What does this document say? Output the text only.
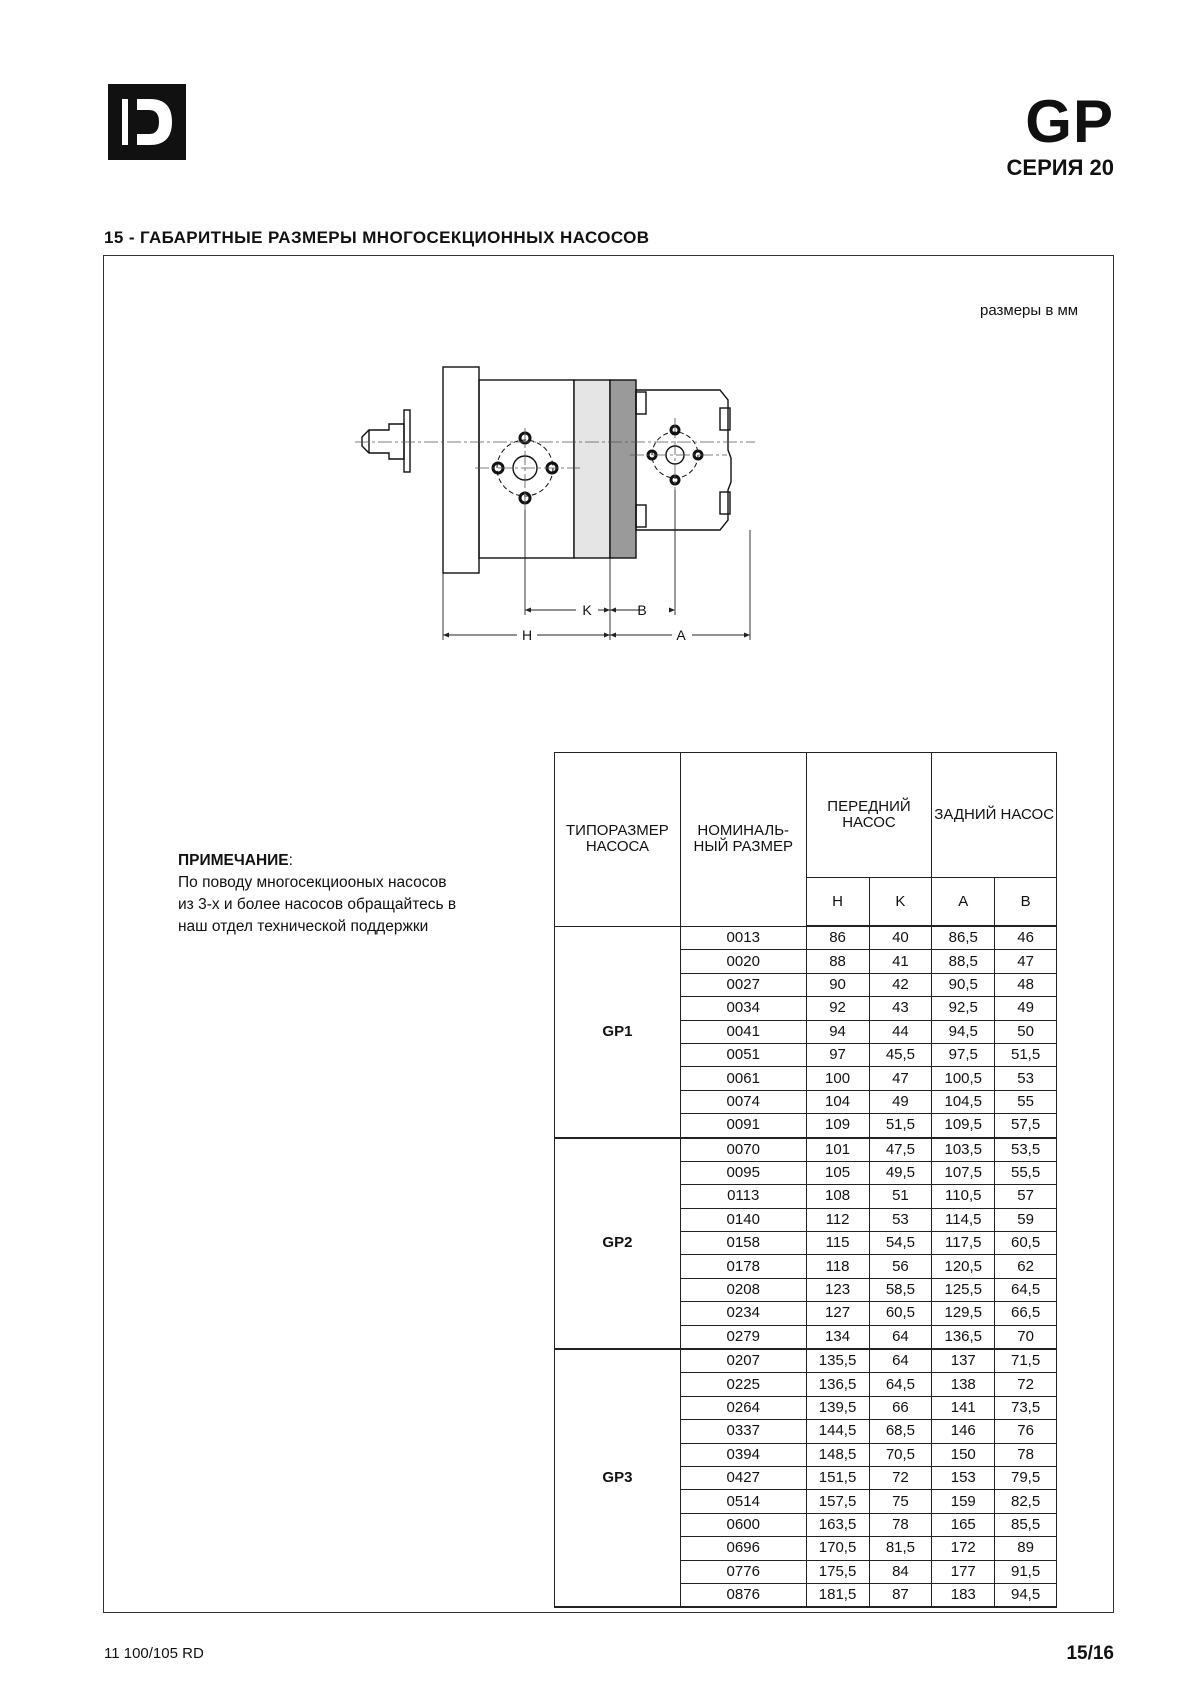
GP
СЕРИЯ 20
15 - ГАБАРИТНЫЕ РАЗМЕРЫ МНОГОСЕКЦИОННЫХ НАСОСОВ
размеры в мм
K	B
H	A
ПРИМЕЧАНИЕ:
По поводу многосекциооных насосов
из 3-х и более насосов обращайтесь в
наш отдел технической поддержки
ТИПОРАЗМЕР НАСОСА	НОМИНАЛЬ-НЫЙ РАЗМЕР	ПЕРЕДНИЙ НАСОС		ЗАДНИЙ НАСОС	
		H	K	A	B
GP1	0013	86	40	86,5	46
	0020	88	41	88,5	47
	0027	90	42	90,5	48
	0034	92	43	92,5	49
	0041	94	44	94,5	50
	0051	97	45,5	97,5	51,5
	0061	100	47	100,5	53
	0074	104	49	104,5	55
	0091	109	51,5	109,5	57,5
GP2	0070	101	47,5	103,5	53,5
	0095	105	49,5	107,5	55,5
	0113	108	51	110,5	57
	0140	112	53	114,5	59
	0158	115	54,5	117,5	60,5
	0178	118	56	120,5	62
	0208	123	58,5	125,5	64,5
	0234	127	60,5	129,5	66,5
	0279	134	64	136,5	70
GP3	0207	135,5	64	137	71,5
	0225	136,5	64,5	138	72
	0264	139,5	66	141	73,5
	0337	144,5	68,5	146	76
	0394	148,5	70,5	150	78
	0427	151,5	72	153	79,5
	0514	157,5	75	159	82,5
	0600	163,5	78	165	85,5
	0696	170,5	81,5	172	89
	0776	175,5	84	177	91,5
	0876	181,5	87	183	94,5
11 100/105 RD	15/16
